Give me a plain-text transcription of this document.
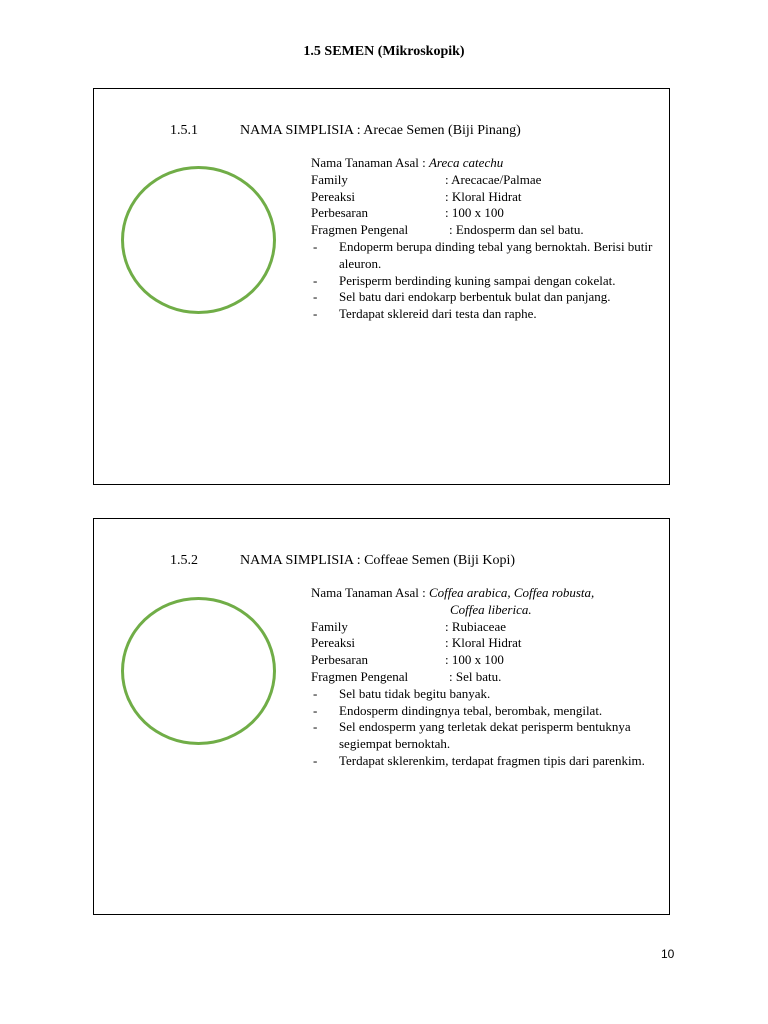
1.5 SEMEN (Mikroskopik)
1.5.1	NAMA SIMPLISIA : Arecae Semen (Biji Pinang)
Nama Tanaman Asal :
Areca catechu
Family	: Arecacae/Palmae
Pereaksi	: Kloral Hidrat
Perbesaran	: 100 x 100
Fragmen Pengenal	: Endosperm dan sel batu.
-	Endoperm berupa dinding tebal yang bernoktah. Berisi butir aleuron.
-	Perisperm berdinding kuning sampai dengan cokelat.
-	Sel batu dari endokarp berbentuk bulat dan panjang.
-	Terdapat sklereid dari testa dan raphe.
1.5.2	NAMA SIMPLISIA : Coffeae Semen (Biji Kopi)
Nama Tanaman Asal :
Coffea arabica, Coffea robusta,
Coffea liberica.
Family	: Rubiaceae
Pereaksi	: Kloral Hidrat
Perbesaran	: 100 x 100
Fragmen Pengenal	: Sel batu.
-	Sel batu tidak begitu banyak.
-	Endosperm dindingnya tebal, berombak, mengilat.
-	Sel endosperm yang terletak dekat perisperm bentuknya segiempat bernoktah.
-	Terdapat sklerenkim, terdapat fragmen tipis dari parenkim.
10
